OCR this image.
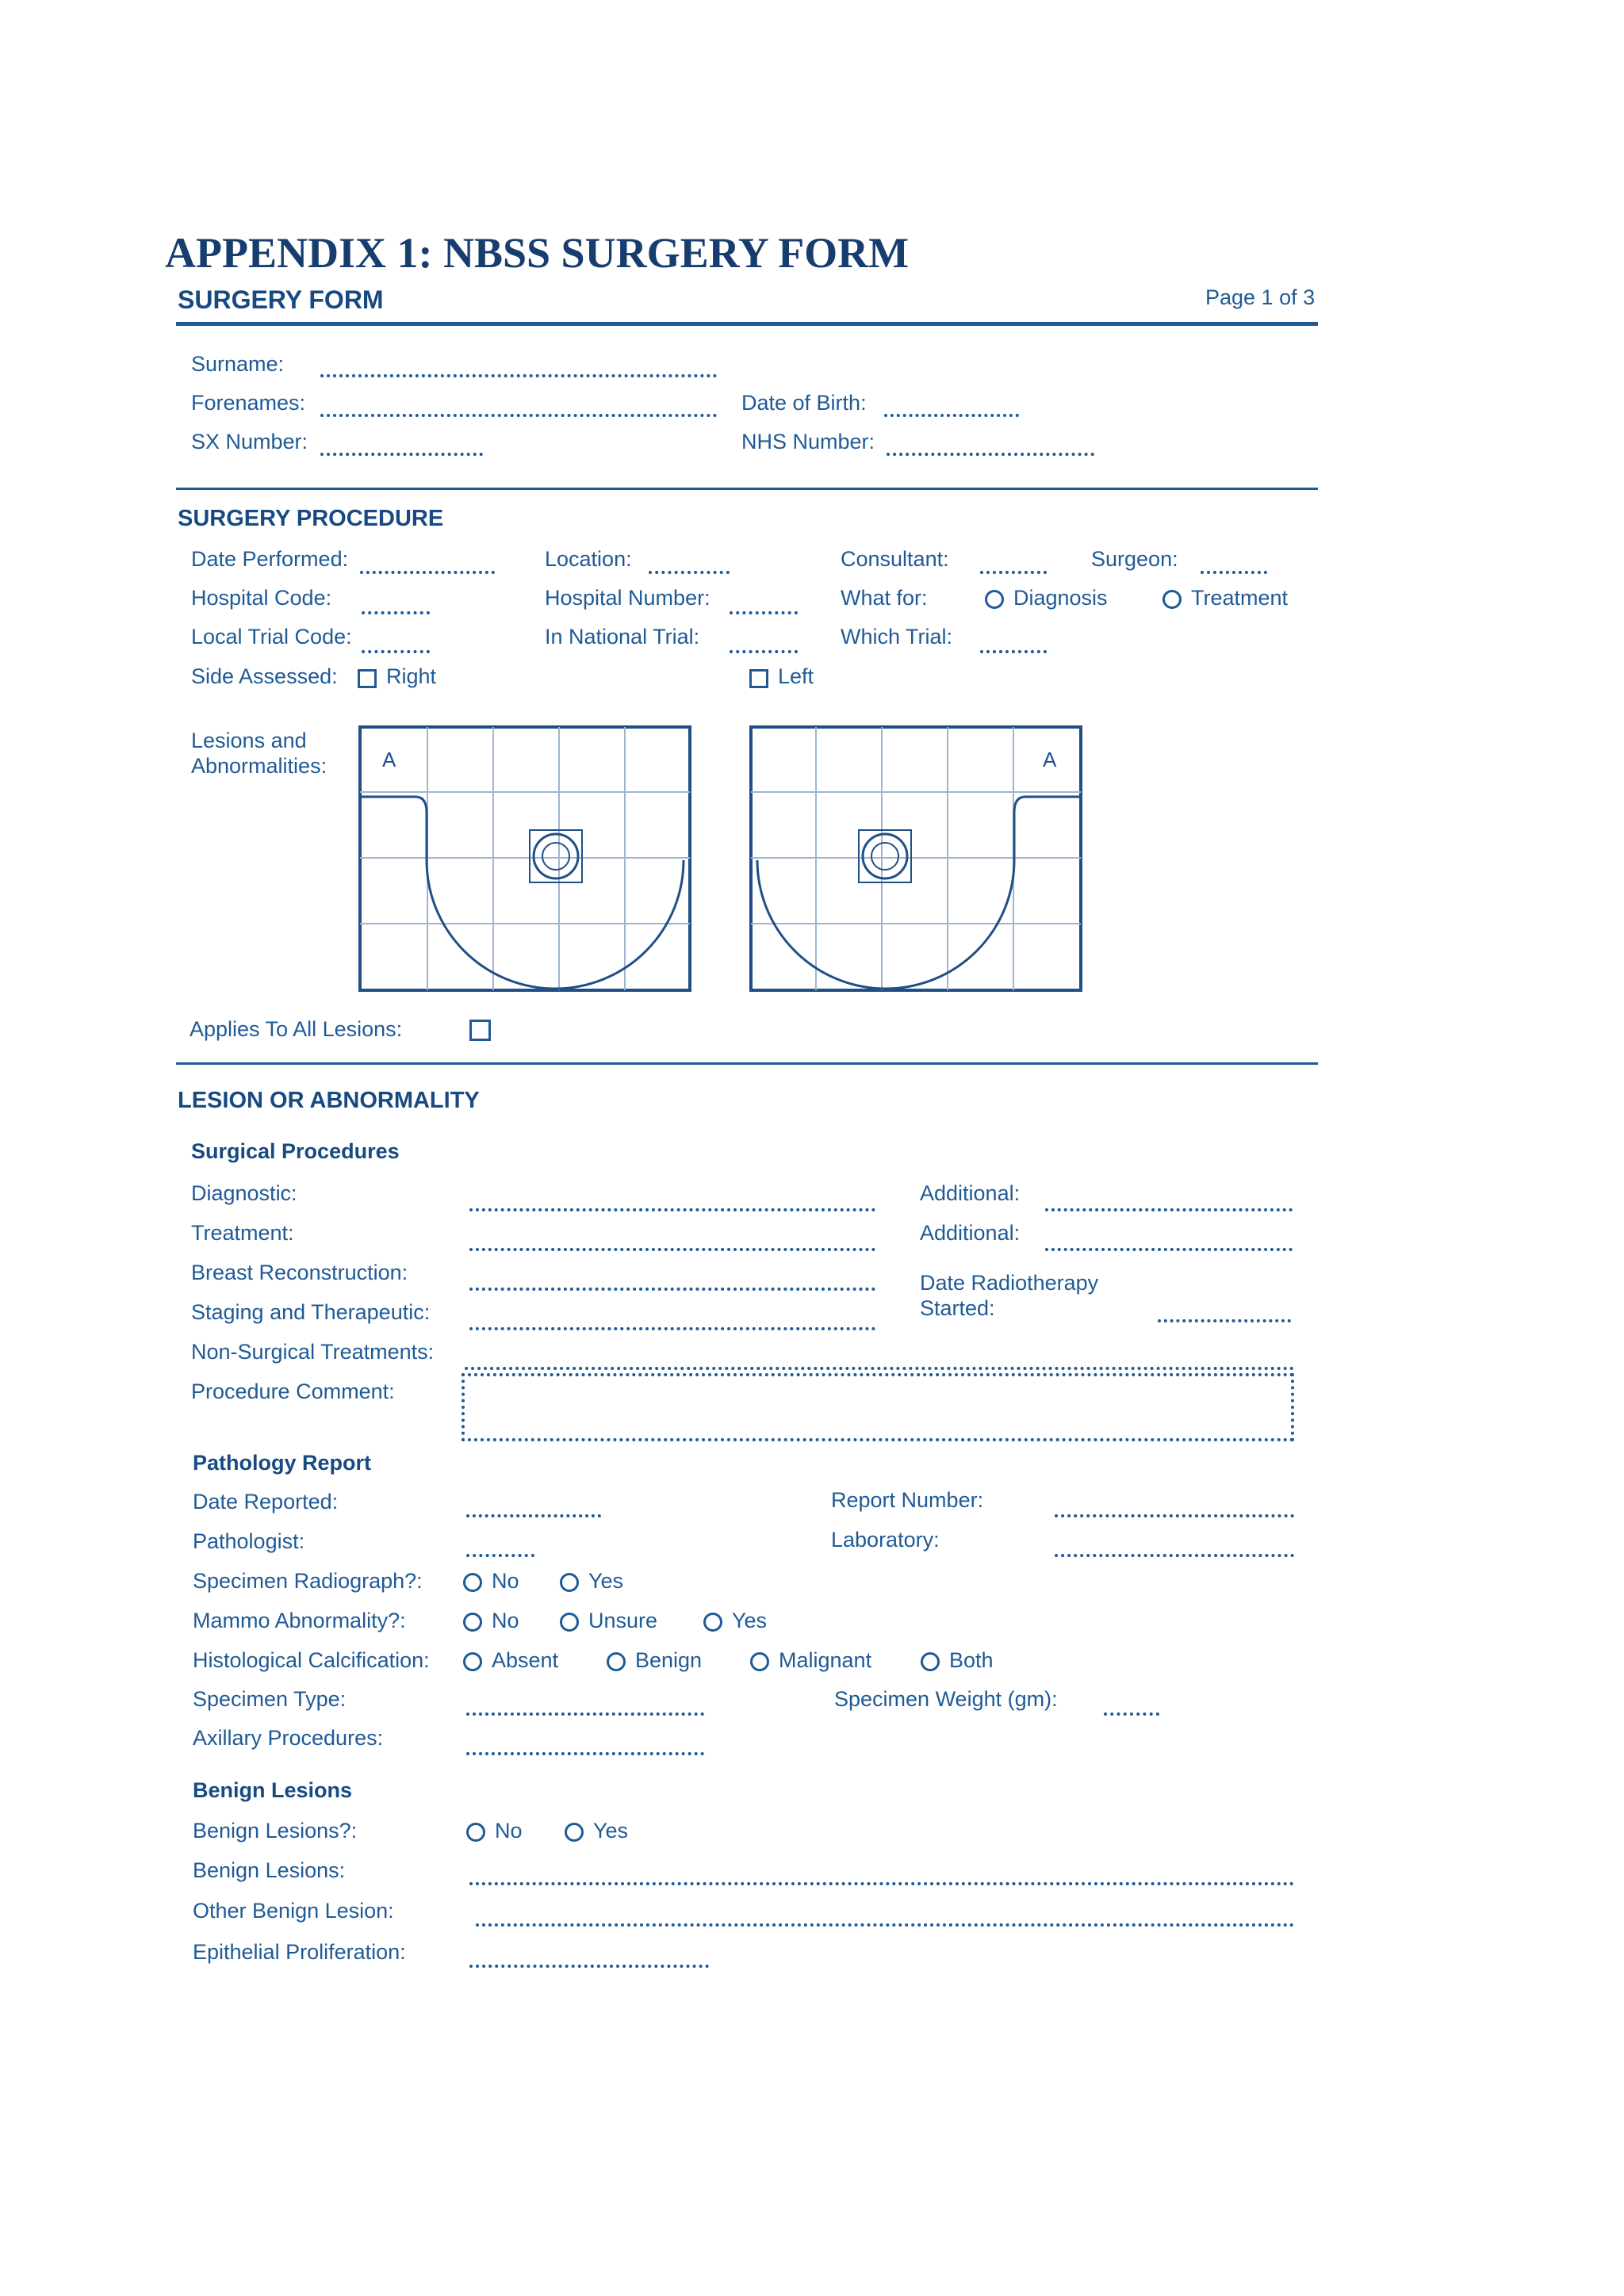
APPENDIX 1: NBSS SURGERY FORM
SURGERY FORM	Page 1 of 3
Surname:
Forenames:	Date of Birth:
SX Number:	NHS Number:
SURGERY PROCEDURE
Date Performed:	Location:	Consultant:	Surgeon:
Hospital Code:	Hospital Number:	What for:	Diagnosis	Treatment
Local Trial Code:	In National Trial:	Which Trial:
Side Assessed:	Right	Left
Lesions and
Abnormalities:	A	A
Applies To All Lesions:
LESION OR ABNORMALITY
Surgical Procedures
Diagnostic:	Additional:
Treatment:	Additional:
Breast Reconstruction:	Date Radiotherapy
Started:
Staging and Therapeutic:
Non-Surgical Treatments:
Procedure Comment:
Pathology Report
Date Reported:	Report Number:
Pathologist:	Laboratory:
Specimen Radiograph?:	No	Yes
Mammo Abnormality?:	No	Unsure	Yes
Histological Calcification:	Absent	Benign	Malignant	Both
Specimen Type:	Specimen Weight (gm):
Axillary Procedures:
Benign Lesions
Benign Lesions?:	No	Yes
Benign Lesions:
Other Benign Lesion:
Epithelial Proliferation:
